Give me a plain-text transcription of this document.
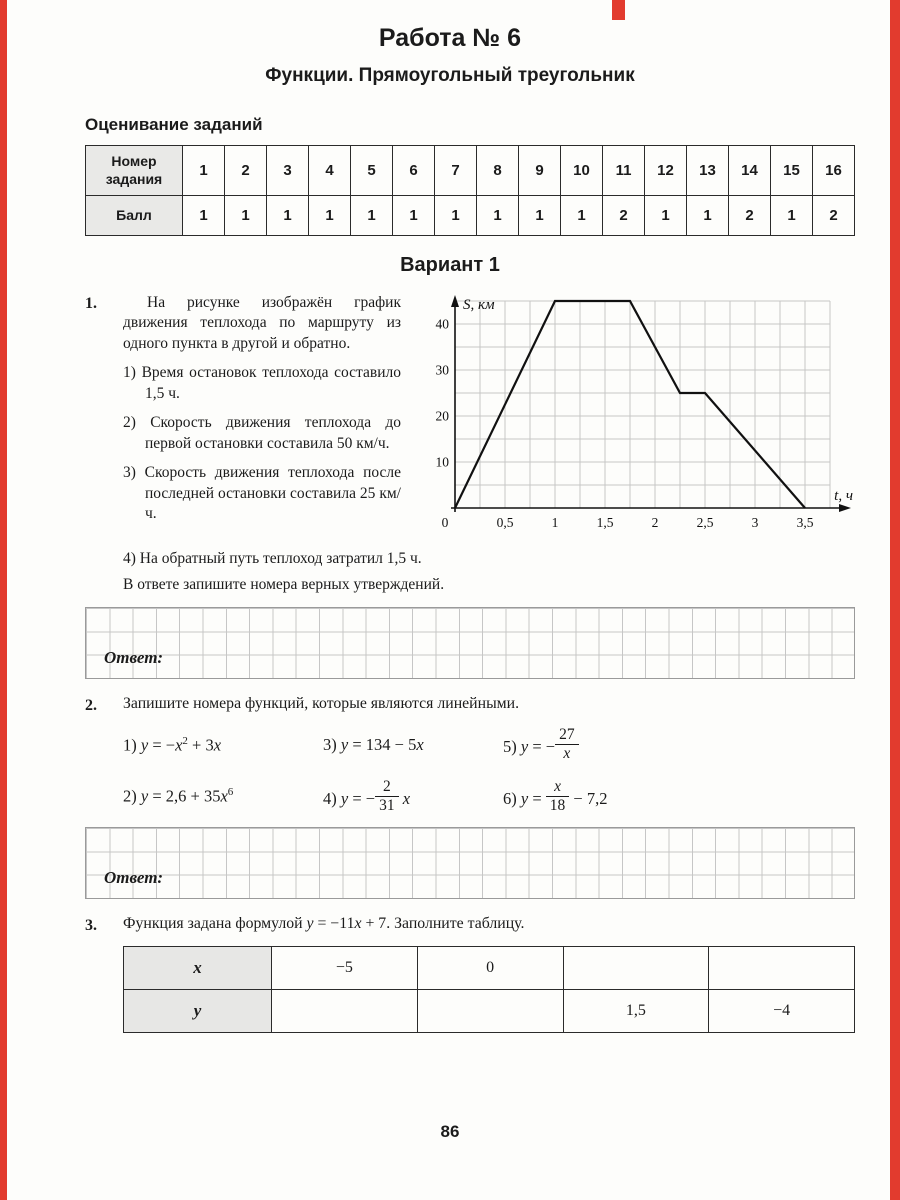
Работа № 6
Функции. Прямоугольный треугольник
Оценивание заданий
Номер задания	1	2	3	4	5	6	7	8	9	10	11	12	13	14	15	16
Балл	1	1	1	1	1	1	1	1	1	1	2	1	1	2	1	2
Вариант 1
1.	На рисунке изображён график движения теплохода по маршруту из одного пункта в другой и обратно.

1) Время остановок теплохода составило 1,5 ч.

2) Скорость движения теплохода до первой остановки составила 50 км/ч.

3) Скорость движения теплохода после последней остановки составила 25 км/ч.

0	0,5	1	1,5	2	2,5	3	3,5
10
20
30
40
S, км
t, ч

4) На обратный путь теплоход затратил 1,5 ч.

В ответе запишите номера верных утверждений.

Ответ:
2. Запишите номера функций, которые являются линейными.

1) $y = -x^2 + 3x$	3) y = 134 − 5x	5) y = − $\frac{27}{x}$
2) $y = 2,6 + 35x^6$	4) y = − $\frac{2}{31}$ x	6) $y = \frac{x}{18} - 7,2$
Ответ:
3. Функция задана формулой y = −11x + 7. Заполните таблицу.

x	−5	0		
y			1,5	−4
86
